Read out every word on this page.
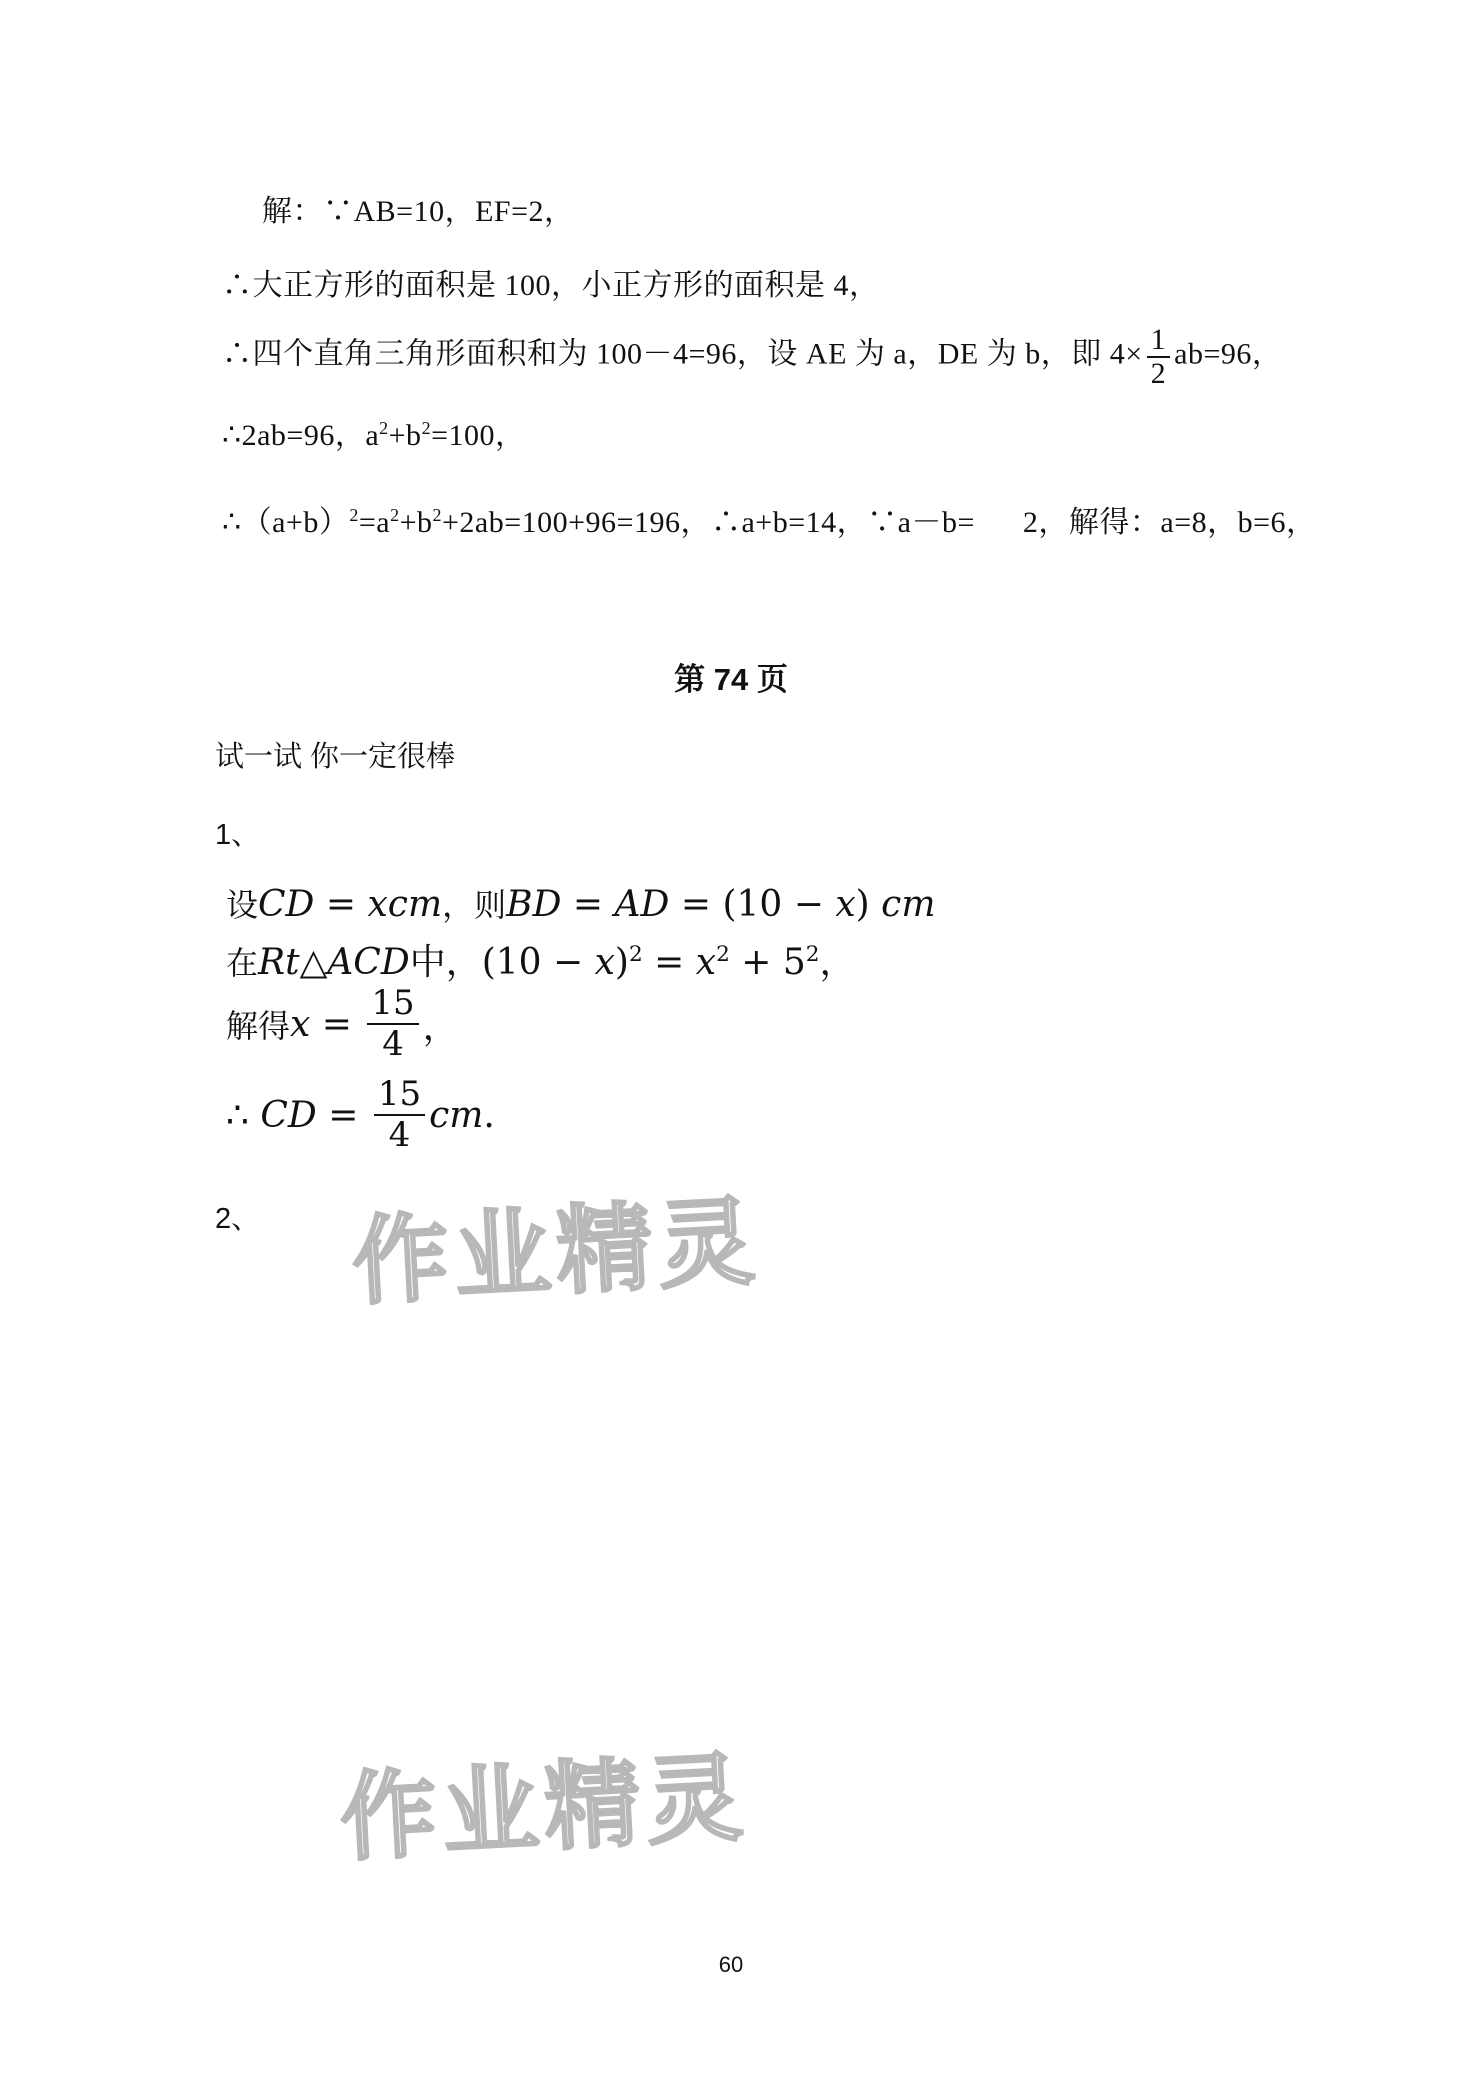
解：∵AB=10，EF=2，
∴大正方形的面积是 100，小正方形的面积是 4，
∴四个直角三角形面积和为 100－4=96，设 AE 为 a，DE 为 b，即 $4\times \frac{1}{2} ab=96$，
∴2ab=96，$a^2+b^2=100$，
$\therefore(a+b)^2=a^2+b^2+2ab=100+96=196$，∴a+b=14，∵a－b= 2，解得：a=8，b=6，
第 74 页
试一试 你一定很棒
1、
设CD = xcm，则BD = AD = (10 − x) cm
在Rt△ACD中，$(10 - x)^2 = x^2 + 5^2$，
解得 $x = \frac{15}{4}$ ，
∴ CD = $\frac{15}{4}$ cm .
2、 作业精灵
作业精灵
60
